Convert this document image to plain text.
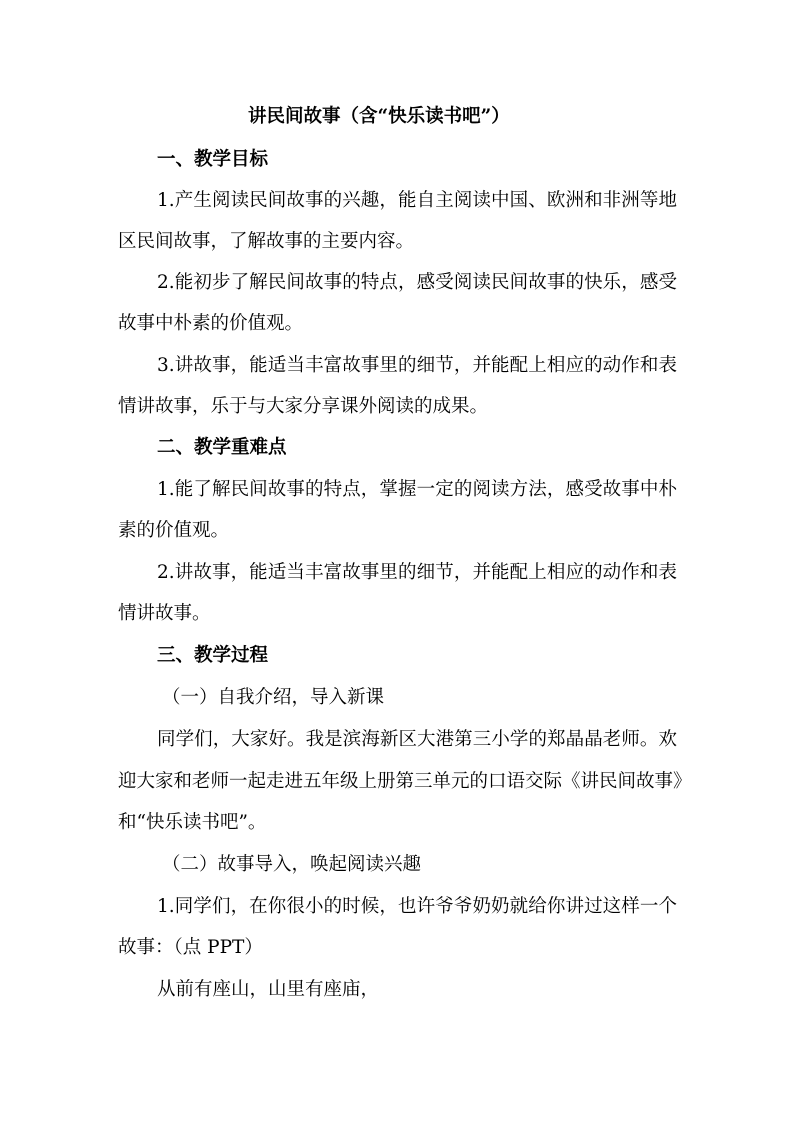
讲民间故事（含“快乐读书吧”）
一、教学目标
1.产生阅读民间故事的兴趣，能自主阅读中国、欧洲和非洲等地
区民间故事，了解故事的主要内容。
2.能初步了解民间故事的特点，感受阅读民间故事的快乐，感受
故事中朴素的价值观。
3.讲故事，能适当丰富故事里的细节，并能配上相应的动作和表
情讲故事，乐于与大家分享课外阅读的成果。
二、教学重难点
1.能了解民间故事的特点，掌握一定的阅读方法，感受故事中朴
素的价值观。
2.讲故事，能适当丰富故事里的细节，并能配上相应的动作和表
情讲故事。
三、教学过程
（一）自我介绍，导入新课
同学们，大家好。我是滨海新区大港第三小学的郑晶晶老师。欢
迎大家和老师一起走进五年级上册第三单元的口语交际《讲民间故事》
和“快乐读书吧”。
（二）故事导入，唤起阅读兴趣
1.同学们，在你很小的时候，也许爷爷奶奶就给你讲过这样一个
故事：（点 PPT）
从前有座山，山里有座庙，
